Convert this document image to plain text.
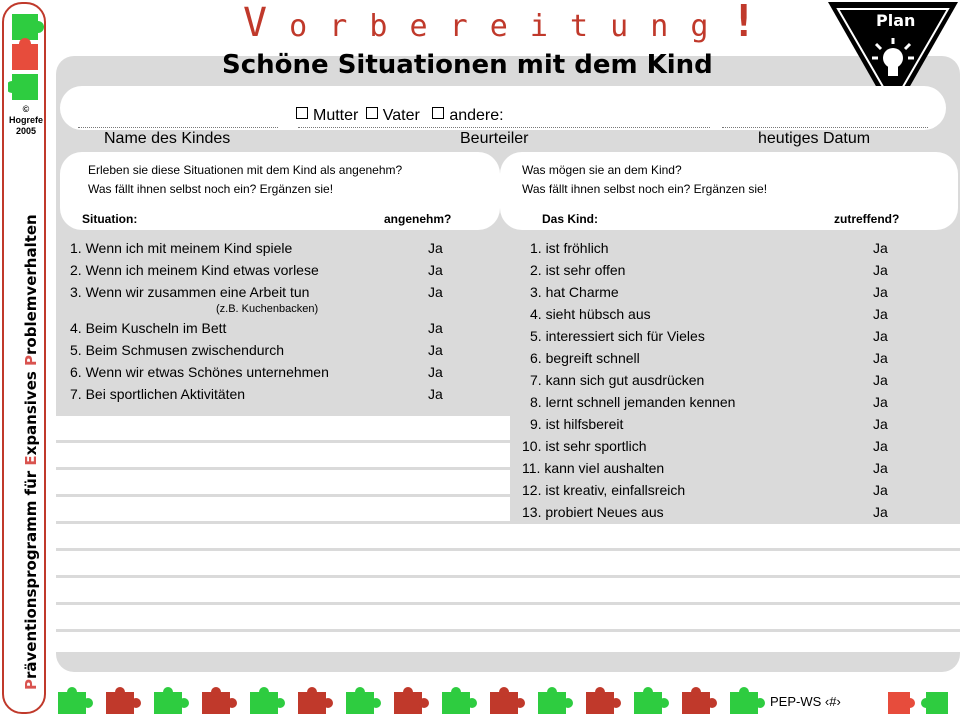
©
Hogrefe
2005
Präventionsprogramm für Expansives Problemverhalten
V o r b e r e i t u n g !
Schöne Situationen mit dem Kind
Plan
Mutter Vater andere:
Name des Kindes	Beurteiler	heutiges Datum
Erleben sie diese Situationen mit dem Kind als angenehm?
Was fällt ihnen selbst noch ein? Ergänzen sie!
Situation:	angenehm?
Was mögen sie an dem Kind?
Was fällt ihnen selbst noch ein? Ergänzen sie!
Das Kind:	zutreffend?
1. Wenn ich mit meinem Kind spiele	Ja
2. Wenn ich meinem Kind etwas vorlese	Ja
3. Wenn wir zusammen eine Arbeit tun	Ja
(z.B. Kuchenbacken)
4. Beim Kuscheln im Bett	Ja
5. Beim Schmusen zwischendurch	Ja
6. Wenn wir etwas Schönes unternehmen	Ja
7. Bei sportlichen Aktivitäten	Ja
1. ist fröhlich	Ja
2. ist sehr offen	Ja
3. hat Charme	Ja
4. sieht hübsch aus	Ja
5. interessiert sich für Vieles	Ja
6. begreift schnell	Ja
7. kann sich gut ausdrücken	Ja
8. lernt schnell jemanden kennen	Ja
9. ist hilfsbereit	Ja
10. ist sehr sportlich	Ja
11. kann viel aushalten	Ja
12. ist kreativ, einfallsreich	Ja
13. probiert Neues aus	Ja
PEP-WS ‹#›
